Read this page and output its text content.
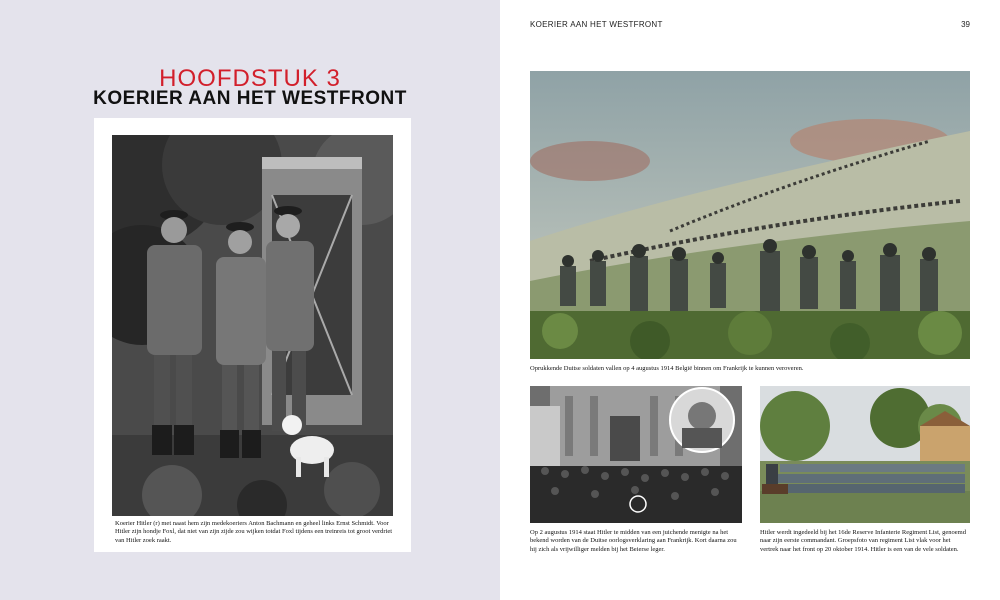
HOOFDSTUK 3
KOERIER AAN HET WESTFRONT
Koerier Hitler (r) met naast hem zijn medekoeriers Anton Bachmann en geheel links Ernst Schmidt. Voor Hitler zijn hondje Foxl, dat niet van zijn zijde zou wijken totdat Foxl tijdens een treinreis tot groot verdriet van Hitler zoek raakt.
KOERIER AAN HET WESTFRONT	39
Oprukkende Duitse soldaten vallen op 4 augustus 1914 België binnen om Frankrijk te kunnen veroveren.
Op 2 augustus 1914 staat Hitler te midden van een juichende menigte na het bekend worden van de Duitse oorlogsverklaring aan Frankrijk. Kort daarna zou hij zich als vrijwilliger melden bij het Beierse leger.
Hitler werdt ingedeeld bij het 16de Reserve Infanterie Regiment List, genoemd naar zijn eerste commandant. Groepsfoto van regiment List vlak voor het vertrek naar het front op 20 oktober 1914. Hitler is een van de vele soldaten.
